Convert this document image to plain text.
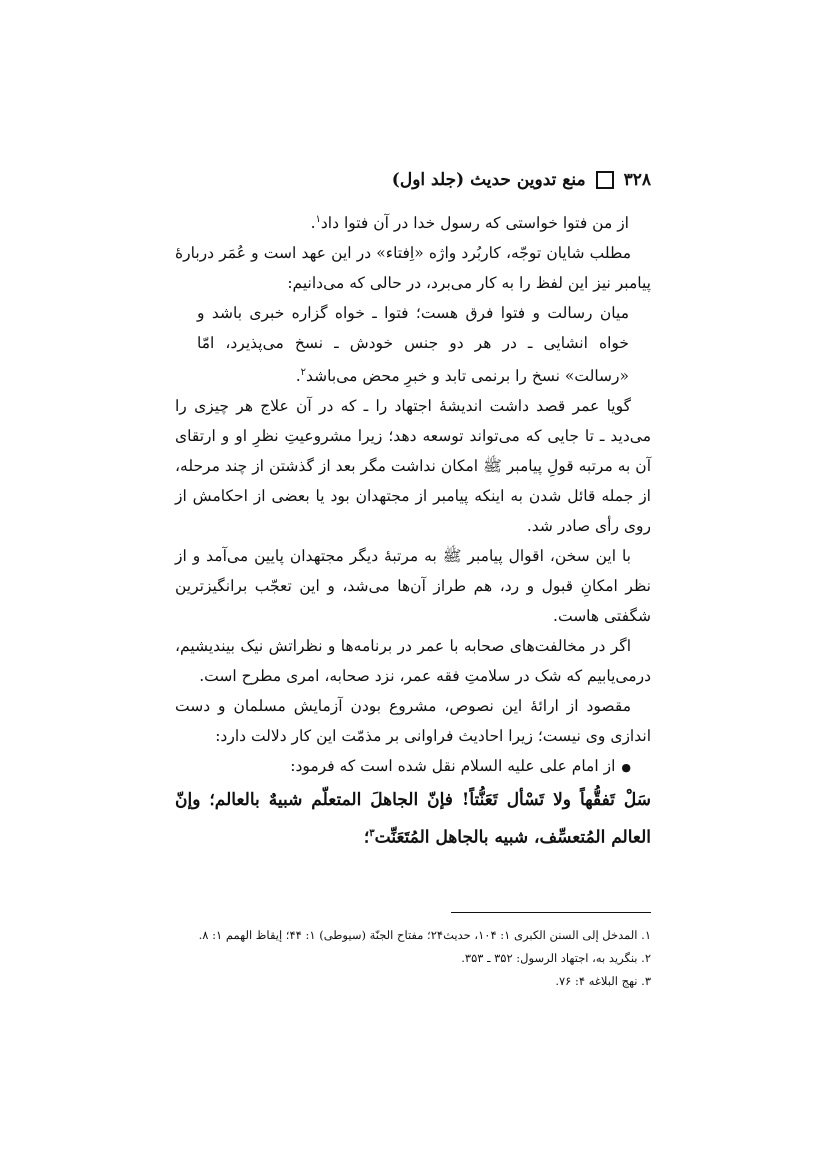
۳۲۸
منع تدوین حدیث (جلد اول)

از من فتوا خواستی که رسول خدا در آن فتوا داد$^۱$.

مطلب شایان توجّه، کاربُرد واژه «اِفتاء» در این عهد است و عُمَر دربارهٔ پیامبر نیز این لفظ را به کار می‌برد، در حالی که می‌دانیم:

میان رسالت و فتوا فرق هست؛ فتوا ـ خواه گزاره خبری باشد و خواه انشایی ـ در هر دو جنس خودش ـ نسخ می‌پذیرد، امّا «رسالت» نسخ را برنمی تابد و خبرِ محض می‌باشد$^۲$.

گویا عمر قصد داشت اندیشهٔ اجتهاد را ـ که در آن علاج هر چیزی را می‌دید ـ تا جایی که می‌تواند توسعه دهد؛ زیرا مشروعیتِ نظرِ او و ارتقای آن به مرتبه قولِ پیامبر ﷺ امکان نداشت مگر بعد از گذشتن از چند مرحله، از جمله قائل شدن به اینکه پیامبر از مجتهدان بود یا بعضی از احکامش از روی رأی صادر شد.

با این سخن، اقوال پیامبر ﷺ به مرتبهٔ دیگر مجتهدان پایین می‌آمد و از نظر امکانِ قبول و رد، هم طراز آن‌ها می‌شد، و این تعجّب برانگیزترین شگفتی هاست.

اگر در مخالفت‌های صحابه با عمر در برنامه‌ها و نظراتش نیک بیندیشیم، درمی‌یابیم که شک در سلامتِ فقه عمر، نزد صحابه، امری مطرح است.

مقصود از ارائهٔ این نصوص، مشروع بودن آزمایش مسلمان و دست اندازی وی نیست؛ زیرا احادیث فراوانی بر مذمّت این کار دلالت دارد:

● از امام علی علیه السلام نقل شده است که فرمود:

سَلْ تَفقُّهاً ولا تَسْأل تَعَنُّتاً! فإنّ الجاهلَ المتعلّم شبيهٌ بالعالم؛ وإنّ العالم المُتعسِّف، شبيه بالجاهل المُتَعَنِّت$^۳$؛

۱. المدخل إلى السنن الکبری ۱: ۱۰۴، حدیث۲۴؛ مفتاح الجنّة (سیوطی) ۱: ۴۴؛ إیقاظ الهمم ۱: ۸.

۲. بنگرید به، اجتهاد الرسول: ۳۵۲ ـ ۳۵۳.

۳. نهج البلاغه ۴: ۷۶.
